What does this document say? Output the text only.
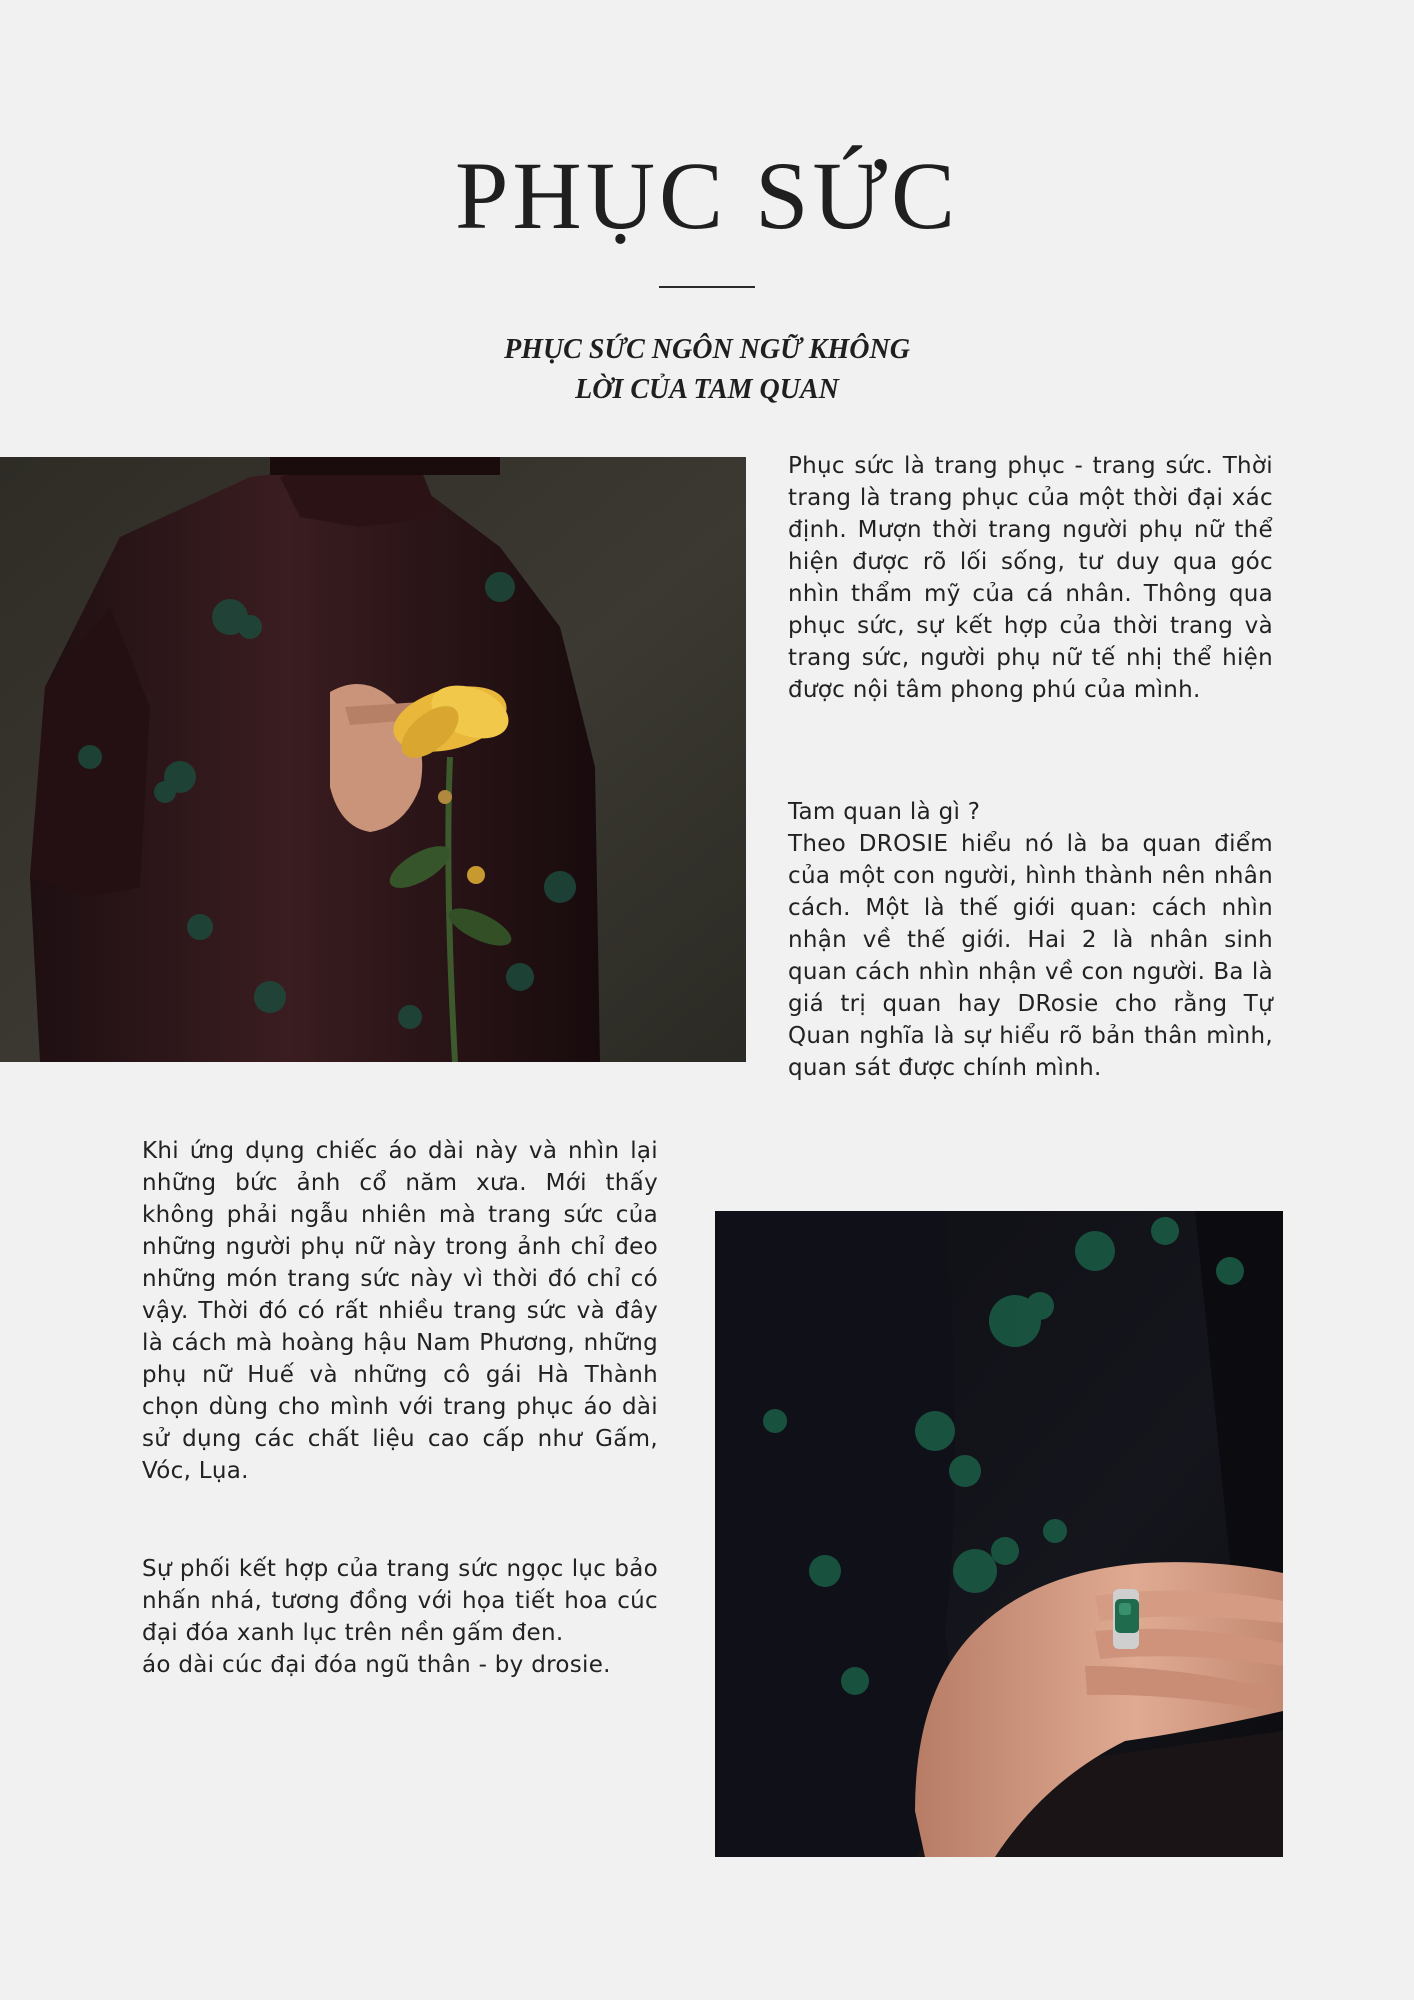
PHỤC SỨC
PHỤC SỨC NGÔN NGỮ KHÔNG
LỜI CỦA TAM QUAN

Phục sức là trang phục - trang sức. Thời trang là trang phục của một thời đại xác định. Mượn thời trang người phụ nữ thể hiện được rõ lối sống, tư duy qua góc nhìn thẩm mỹ của cá nhân. Thông qua phục sức, sự kết hợp của thời trang và trang sức, người phụ nữ tế nhị thể hiện được nội tâm phong phú của mình.

Tam quan là gì ?

Theo DROSIE hiểu nó là ba quan điểm của một con người, hình thành nên nhân cách. Một là thế giới quan: cách nhìn nhận về thế giới. Hai 2 là nhân sinh quan cách nhìn nhận về con người. Ba là giá trị quan hay DRosie cho rằng Tự Quan nghĩa là sự hiểu rõ bản thân mình, quan sát được chính mình.

Khi ứng dụng chiếc áo dài này và nhìn lại những bức ảnh cổ năm xưa. Mới thấy không phải ngẫu nhiên mà trang sức của những người phụ nữ này trong ảnh chỉ đeo những món trang sức này vì thời đó chỉ có vậy. Thời đó có rất nhiều trang sức và đây là cách mà hoàng hậu Nam Phương, những phụ nữ Huế và những cô gái Hà Thành chọn dùng cho mình với trang phục áo dài sử dụng các chất liệu cao cấp như Gấm, Vóc, Lụa.

Sự phối kết hợp của trang sức ngọc lục bảo nhấn nhá, tương đồng với họa tiết hoa cúc đại đóa xanh lục trên nền gấm đen.

áo dài cúc đại đóa ngũ thân - by drosie.
